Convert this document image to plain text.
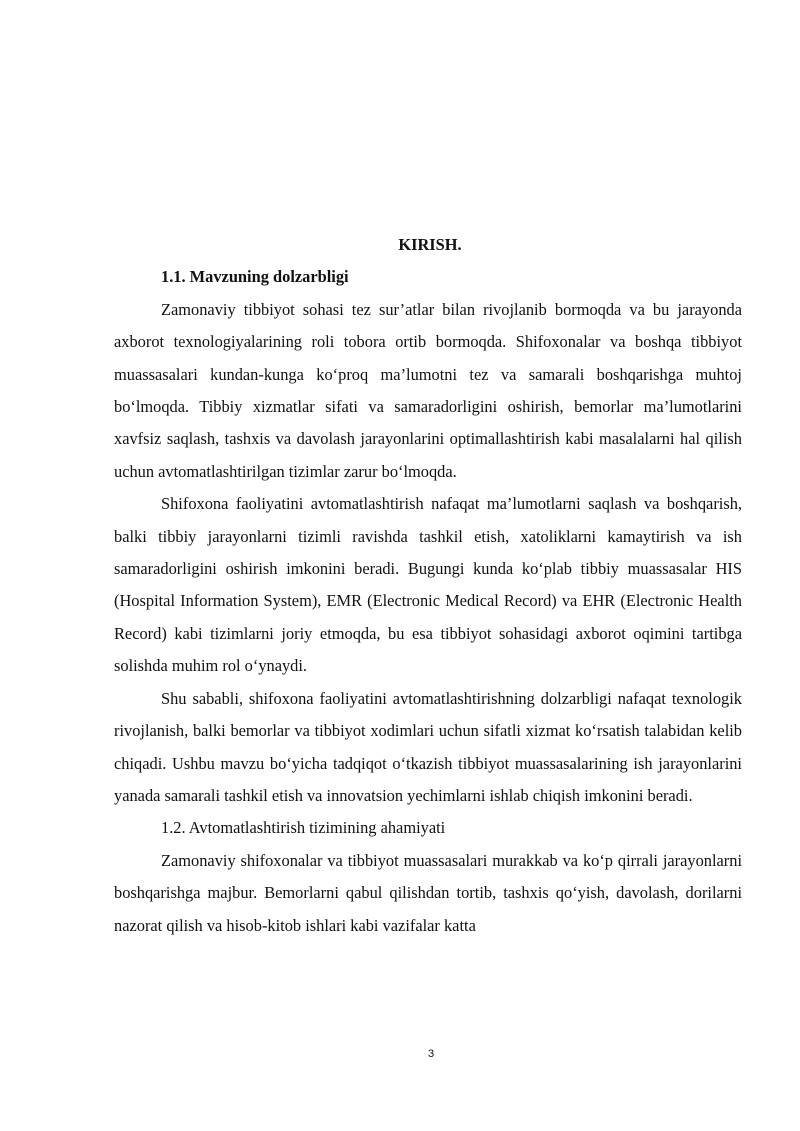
KIRISH.

1.1. Mavzuning dolzarbligi

Zamonaviy tibbiyot sohasi tez sur’atlar bilan rivojlanib bormoqda va bu jarayonda axborot texnologiyalarining roli tobora ortib bormoqda. Shifoxonalar va boshqa tibbiyot muassasalari kundan-kunga ko‘proq ma’lumotni tez va samarali boshqarishga muhtoj bo‘lmoqda. Tibbiy xizmatlar sifati va samaradorligini oshirish, bemorlar ma’lumotlarini xavfsiz saqlash, tashxis va davolash jarayonlarini optimallashtirish kabi masalalarni hal qilish uchun avtomatlashtirilgan tizimlar zarur bo‘lmoqda.

Shifoxona faoliyatini avtomatlashtirish nafaqat ma’lumotlarni saqlash va boshqarish, balki tibbiy jarayonlarni tizimli ravishda tashkil etish, xatoliklarni kamaytirish va ish samaradorligini oshirish imkonini beradi. Bugungi kunda ko‘plab tibbiy muassasalar HIS (Hospital Information System), EMR (Electronic Medical Record) va EHR (Electronic Health Record) kabi tizimlarni joriy etmoqda, bu esa tibbiyot sohasidagi axborot oqimini tartibga solishda muhim rol o‘ynaydi.

Shu sababli, shifoxona faoliyatini avtomatlashtirishning dolzarbligi nafaqat texnologik rivojlanish, balki bemorlar va tibbiyot xodimlari uchun sifatli xizmat ko‘rsatish talabidan kelib chiqadi. Ushbu mavzu bo‘yicha tadqiqot o‘tkazish tibbiyot muassasalarining ish jarayonlarini yanada samarali tashkil etish va innovatsion yechimlarni ishlab chiqish imkonini beradi.

1.2. Avtomatlashtirish tizimining ahamiyati

Zamonaviy shifoxonalar va tibbiyot muassasalari murakkab va ko‘p qirrali jarayonlarni boshqarishga majbur. Bemorlarni qabul qilishdan tortib, tashxis qo‘yish, davolash, dorilarni nazorat qilish va hisob-kitob ishlari kabi vazifalar katta

3
